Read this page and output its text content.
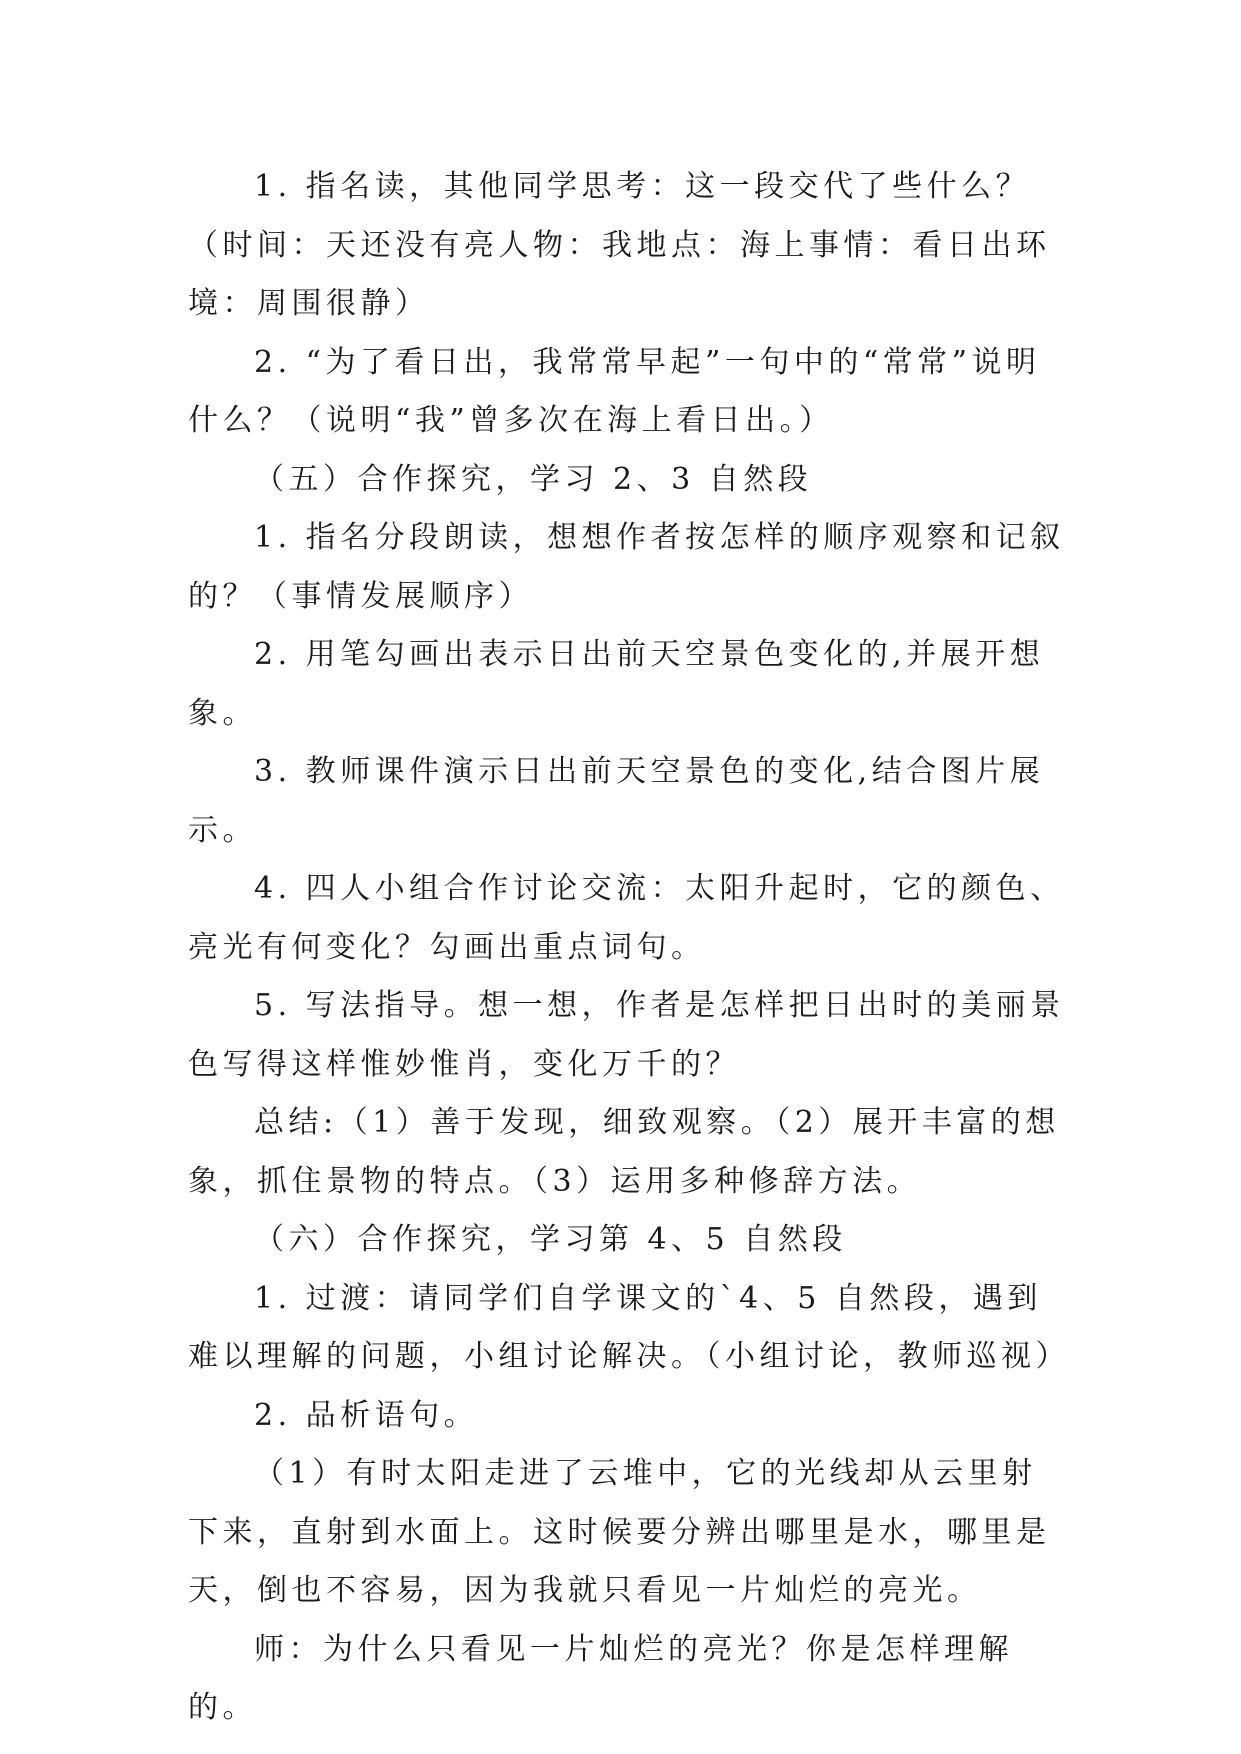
1. 指名读，其他同学思考：这一段交代了些什么？（时间：天还没有亮人物：我地点：海上事情：看日出环境：周围很静）

2. “为了看日出，我常常早起”一句中的“常常”说明什么？（说明“我”曾多次在海上看日出。）

（五）合作探究，学习 2、3 自然段

1. 指名分段朗读，想想作者按怎样的顺序观察和记叙的？（事情发展顺序）

2. 用笔勾画出表示日出前天空景色变化的,并展开想象。

3. 教师课件演示日出前天空景色的变化,结合图片展示。

4. 四人小组合作讨论交流：太阳升起时，它的颜色、亮光有何变化？勾画出重点词句。

5. 写法指导。想一想，作者是怎样把日出时的美丽景色写得这样惟妙惟肖，变化万千的？

总结:（1）善于发现，细致观察。（2）展开丰富的想象，抓住景物的特点。（3）运用多种修辞方法。

（六）合作探究，学习第 4、5 自然段

1. 过渡：请同学们自学课文的`4、5 自然段，遇到难以理解的问题，小组讨论解决。（小组讨论，教师巡视）

2. 品析语句。

（1）有时太阳走进了云堆中，它的光线却从云里射下来，直射到水面上。这时候要分辨出哪里是水，哪里是天，倒也不容易，因为我就只看见一片灿烂的亮光。

师：为什么只看见一片灿烂的亮光？你是怎样理解的。
